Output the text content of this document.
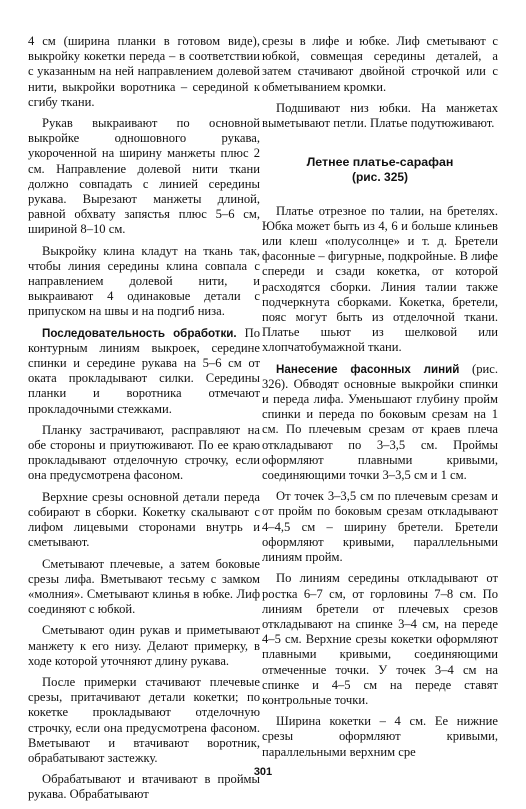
4 см (ширина планки в готовом виде), выкройку кокетки переда – в соответствии с указанным на ней направлением долевой нити, выкройки воротника – серединой к сгибу ткани.

Рукав выкраивают по основной выкройке одношовного рукава, укороченной на ширину манжеты плюс 2 см. Направление долевой нити ткани должно совпадать с линией середины рукава. Вырезают манжеты длиной, равной обхвату запястья плюс 5–6 см, шириной 8–10 см.

Выкройку клина кладут на ткань так, чтобы линия середины клина совпала с направлением долевой нити, и выкраивают 4 одинаковые детали с припуском на швы и на подгиб низа.

Последовательность обработки. По контурным линиям выкроек, середине спинки и середине рукава на 5–6 см от оката прокладывают силки. Середины планки и воротника отмечают прокладочными стежками.

Планку застрачивают, расправляют на обе стороны и приутюживают. По ее краю прокладывают отделочную строчку, если она предусмотрена фасоном.

Верхние срезы основной детали переда собирают в сборки. Кокетку скалывают с лифом лицевыми сторонами внутрь и сметывают.

Сметывают плечевые, а затем боковые срезы лифа. Вметывают тесьму с замком «молния». Сметывают клинья в юбке. Лиф соединяют с юбкой.

Сметывают один рукав и приметывают манжету к его низу. Делают примерку, в ходе которой уточняют длину рукава.

После примерки стачивают плечевые срезы, притачивают детали кокетки; по кокетке прокладывают отделочную строчку, если она предусмотрена фасоном. Вметывают и втачивают воротник, обрабатывают застежку.

Обрабатывают и втачивают в проймы рукава. Обрабатывают

срезы в лифе и юбке. Лиф сметывают с юбкой, совмещая середины деталей, а затем стачивают двойной строчкой или с обметыванием кромки.

Подшивают низ юбки. На манжетах выметывают петли. Платье подутюживают.

Летнее платье-сарафан
(рис. 325)

Платье отрезное по талии, на бретелях. Юбка может быть из 4, 6 и больше клиньев или клеш «полусолнце» и т. д. Бретели фасонные – фигурные, подкройные. В лифе спереди и сзади кокетка, от которой расходятся сборки. Линия талии также подчеркнута сборками. Кокетка, бретели, пояс могут быть из отделочной ткани. Платье шьют из шелковой или хлопчатобумажной ткани.

Нанесение фасонных линий (рис. 326). Обводят основные выкройки спинки и переда лифа. Уменьшают глубину пройм спинки и переда по боковым срезам на 1 см. По плечевым срезам от краев плеча откладывают по 3–3,5 см. Проймы оформляют плавными кривыми, соединяющими точки 3–3,5 см и 1 см.

От точек 3–3,5 см по плечевым срезам и от пройм по боковым срезам откладывают 4–4,5 см – ширину бретели. Бретели оформляют кривыми, параллельными линиям пройм.

По линиям середины откладывают от ростка 6–7 см, от горловины 7–8 см. По линиям бретели от плечевых срезов откладывают на спинке 3–4 см, на переде 4–5 см. Верхние срезы кокетки оформляют плавными кривыми, соединяющими отмеченные точки. У точек 3–4 см на спинке и 4–5 см на переде ставят контрольные точки.

Ширина кокетки – 4 см. Ее нижние срезы оформляют кривыми, параллельными верхним сре

301
